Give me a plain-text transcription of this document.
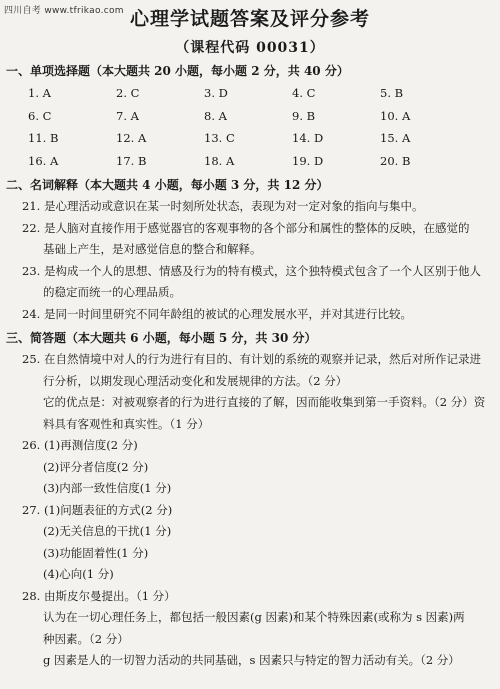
四川自考 www.tfrikao.com 心理学试题答案及评分参考
（课程代码 00031）
一、单项选择题（本大题共 20 小题，每小题 2 分，共 40 分）
1. A	2. C	3. D	4. C	5. B
6. C	7. A	8. A	9. B	10. A
11. B	12. A	13. C	14. D	15. A
16. A	17. B	18. A	19. D	20. B
二、名词解释（本大题共 4 小题，每小题 3 分，共 12 分）

21. 是心理活动或意识在某一时刻所处状态，表现为对一定对象的指向与集中。

22. 是人脑对直接作用于感觉器官的客观事物的各个部分和属性的整体的反映，在感觉的

基础上产生，是对感觉信息的整合和解释。

23. 是构成一个人的思想、情感及行为的特有模式，这个独特模式包含了一个人区别于他人

的稳定而统一的心理品质。

24. 是同一时间里研究不同年龄组的被试的心理发展水平，并对其进行比较。

三、简答题（本大题共 6 小题，每小题 5 分，共 30 分）

25. 在自然情境中对人的行为进行有目的、有计划的系统的观察并记录，然后对所作记录进

行分析，以期发现心理活动变化和发展规律的方法。（2 分）

它的优点是：对被观察者的行为进行直接的了解，因而能收集到第一手资料。（2 分）资

料具有客观性和真实性。（1 分）

26. (1)再测信度(2 分)

(2)评分者信度(2 分)

(3)内部一致性信度(1 分)

27. (1)问题表征的方式(2 分)

(2)无关信息的干扰(1 分)

(3)功能固着性(1 分)

(4)心向(1 分)

28. 由斯皮尔曼提出。（1 分）

认为在一切心理任务上，都包括一般因素(g 因素)和某个特殊因素(或称为 s 因素)两

种因素。（2 分）

g 因素是人的一切智力活动的共同基础，s 因素只与特定的智力活动有关。（2 分）
